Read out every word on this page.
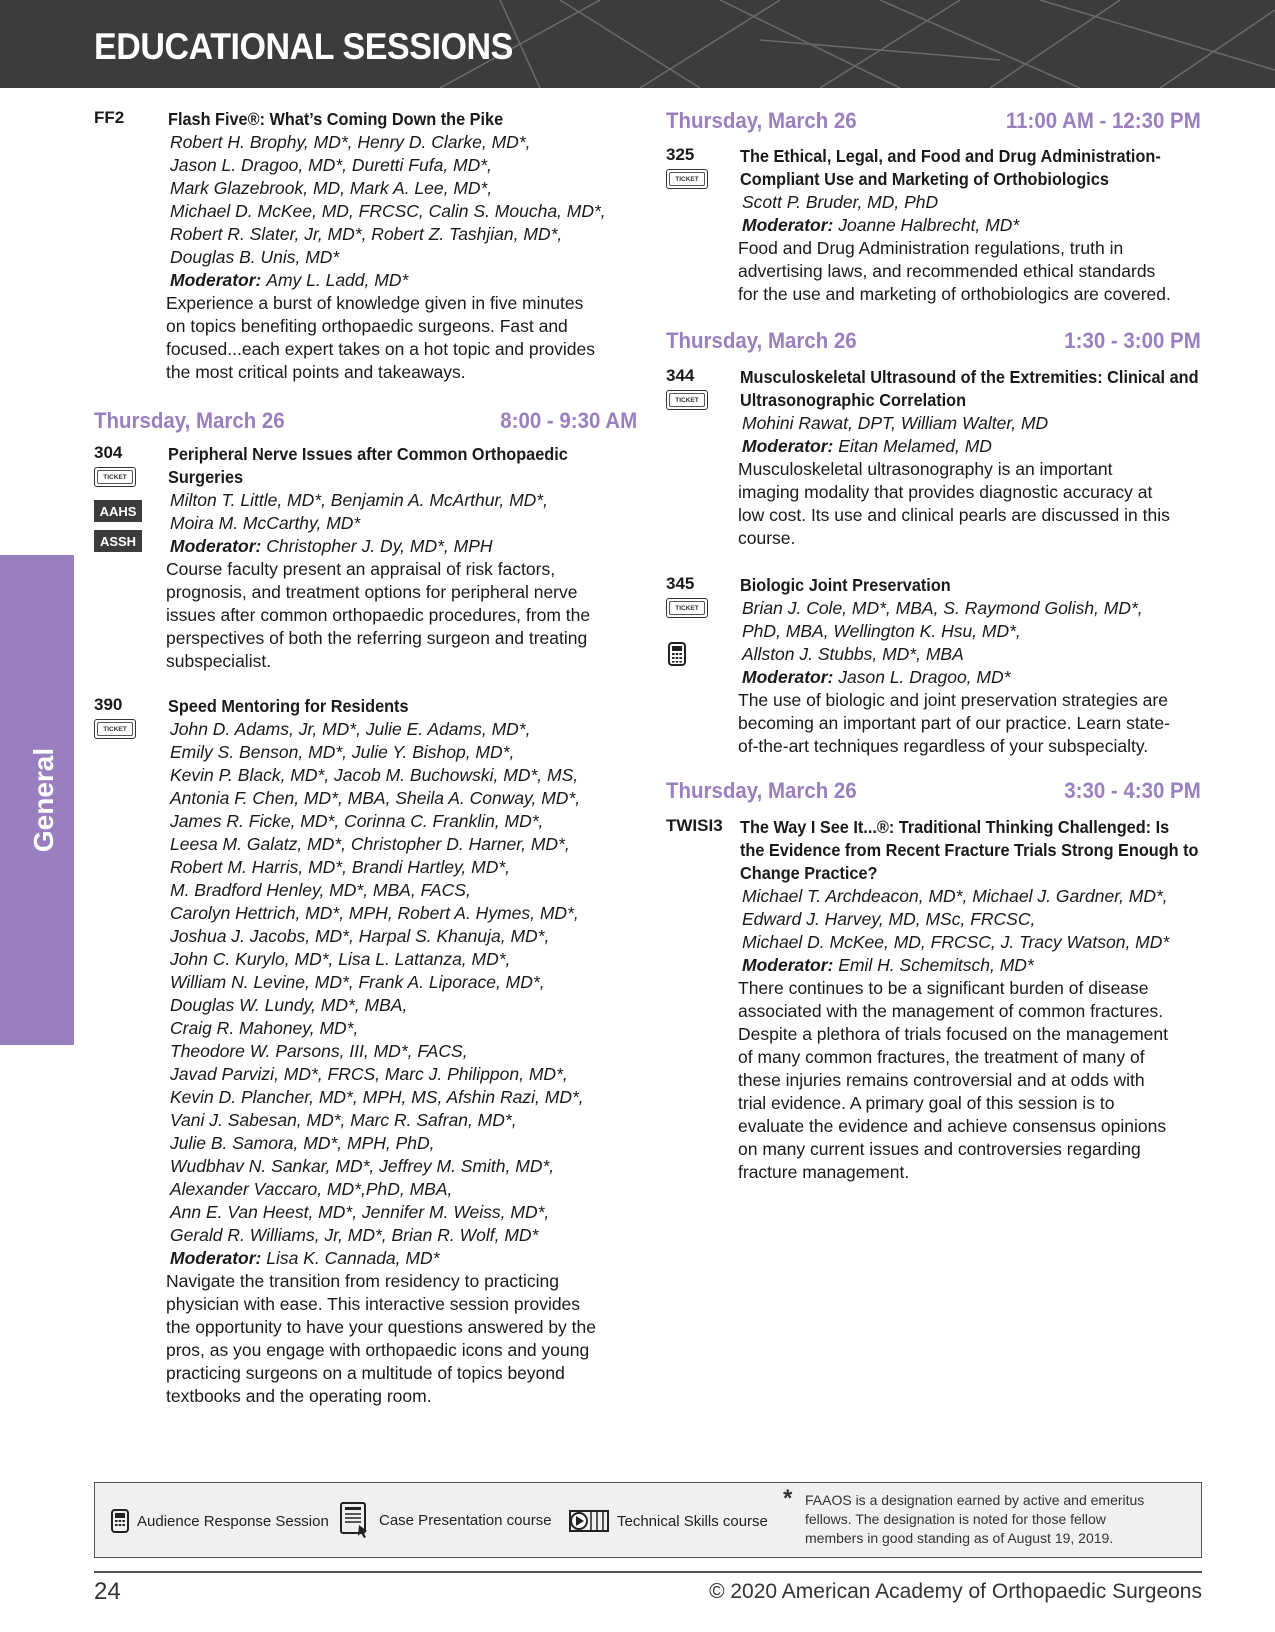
EDUCATIONAL SESSIONS
General
FF2	Flash Five®: What’s Coming Down the Pike
Robert H. Brophy, MD*, Henry D. Clarke, MD*,
Jason L. Dragoo, MD*, Duretti Fufa, MD*,
Mark Glazebrook, MD, Mark A. Lee, MD*,
Michael D. McKee, MD, FRCSC, Calin S. Moucha, MD*,
Robert R. Slater, Jr, MD*, Robert Z. Tashjian, MD*,
Douglas B. Unis, MD*
Moderator: Amy L. Ladd, MD*
Experience a burst of knowledge given in five minutes
on topics benefiting orthopaedic surgeons. Fast and
focused...each expert takes on a hot topic and provides
the most critical points and takeaways.
Thursday, March 26	8:00 - 9:30 AM
304
TICKET
AAHS
ASSH
Peripheral Nerve Issues after Common Orthopaedic
Surgeries
Milton T. Little, MD*, Benjamin A. McArthur, MD*,
Moira M. McCarthy, MD*
Moderator: Christopher J. Dy, MD*, MPH
Course faculty present an appraisal of risk factors,
prognosis, and treatment options for peripheral nerve
issues after common orthopaedic procedures, from the
perspectives of both the referring surgeon and treating
subspecialist.
390
TICKET
Speed Mentoring for Residents
John D. Adams, Jr, MD*, Julie E. Adams, MD*,
Emily S. Benson, MD*, Julie Y. Bishop, MD*,
Kevin P. Black, MD*, Jacob M. Buchowski, MD*, MS,
Antonia F. Chen, MD*, MBA, Sheila A. Conway, MD*,
James R. Ficke, MD*, Corinna C. Franklin, MD*,
Leesa M. Galatz, MD*, Christopher D. Harner, MD*,
Robert M. Harris, MD*, Brandi Hartley, MD*,
M. Bradford Henley, MD*, MBA, FACS,
Carolyn Hettrich, MD*, MPH, Robert A. Hymes, MD*,
Joshua J. Jacobs, MD*, Harpal S. Khanuja, MD*,
John C. Kurylo, MD*, Lisa L. Lattanza, MD*,
William N. Levine, MD*, Frank A. Liporace, MD*,
Douglas W. Lundy, MD*, MBA,
Craig R. Mahoney, MD*,
Theodore W. Parsons, III, MD*, FACS,
Javad Parvizi, MD*, FRCS, Marc J. Philippon, MD*,
Kevin D. Plancher, MD*, MPH, MS, Afshin Razi, MD*,
Vani J. Sabesan, MD*, Marc R. Safran, MD*,
Julie B. Samora, MD*, MPH, PhD,
Wudbhav N. Sankar, MD*, Jeffrey M. Smith, MD*,
Alexander Vaccaro, MD*,PhD, MBA,
Ann E. Van Heest, MD*, Jennifer M. Weiss, MD*,
Gerald R. Williams, Jr, MD*, Brian R. Wolf, MD*
Moderator: Lisa K. Cannada, MD*
Navigate the transition from residency to practicing
physician with ease. This interactive session provides
the opportunity to have your questions answered by the
pros, as you engage with orthopaedic icons and young
practicing surgeons on a multitude of topics beyond
textbooks and the operating room.
Thursday, March 26	11:00 AM - 12:30 PM
325
TICKET
The Ethical, Legal, and Food and Drug Administration-
Compliant Use and Marketing of Orthobiologics
Scott P. Bruder, MD, PhD
Moderator: Joanne Halbrecht, MD*
Food and Drug Administration regulations, truth in
advertising laws, and recommended ethical standards
for the use and marketing of orthobiologics are covered.
Thursday, March 26	1:30 - 3:00 PM
344
TICKET
Musculoskeletal Ultrasound of the Extremities: Clinical and
Ultrasonographic Correlation
Mohini Rawat, DPT, William Walter, MD
Moderator: Eitan Melamed, MD
Musculoskeletal ultrasonography is an important
imaging modality that provides diagnostic accuracy at
low cost. Its use and clinical pearls are discussed in this
course.
345
TICKET
Biologic Joint Preservation
Brian J. Cole, MD*, MBA, S. Raymond Golish, MD*,
PhD, MBA, Wellington K. Hsu, MD*,
Allston J. Stubbs, MD*, MBA
Moderator: Jason L. Dragoo, MD*
The use of biologic and joint preservation strategies are
becoming an important part of our practice. Learn state-
of-the-art techniques regardless of your subspecialty.
Thursday, March 26	3:30 - 4:30 PM
TWISI3 The Way I See It...®: Traditional Thinking Challenged: Is
the Evidence from Recent Fracture Trials Strong Enough to
Change Practice?
Michael T. Archdeacon, MD*, Michael J. Gardner, MD*,
Edward J. Harvey, MD, MSc, FRCSC,
Michael D. McKee, MD, FRCSC, J. Tracy Watson, MD*
Moderator: Emil H. Schemitsch, MD*
There continues to be a significant burden of disease
associated with the management of common fractures.
Despite a plethora of trials focused on the management
of many common fractures, the treatment of many of
these injuries remains controversial and at odds with
trial evidence. A primary goal of this session is to
evaluate the evidence and achieve consensus opinions
on many current issues and controversies regarding
fracture management.
Audience Response Session	Case Presentation course	Technical Skills course
* FAAOS is a designation earned by active and emeritus
fellows. The designation is noted for those fellow
members in good standing as of August 19, 2019.
24	© 2020 American Academy of Orthopaedic Surgeons
